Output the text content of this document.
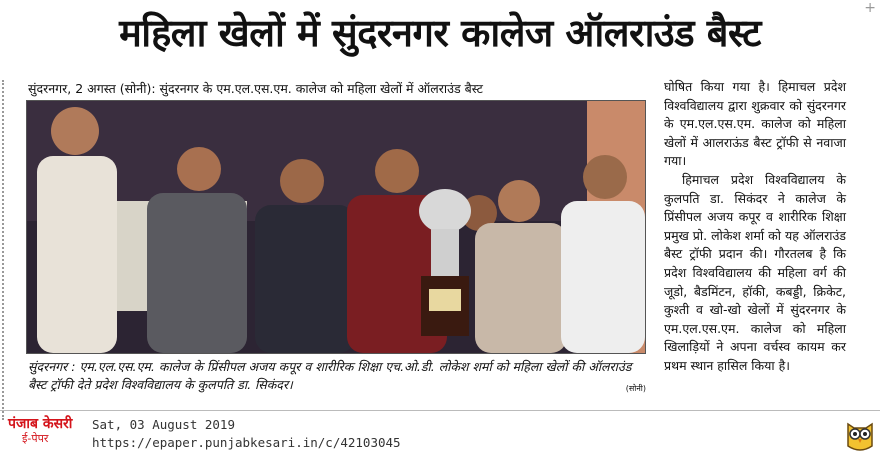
+
महिला खेलों में सुंदरनगर कालेज ऑलराउंड बैस्ट
सुंदरनगर, 2 अगस्त (सोनी): सुंदरनगर के एम.एल.एस.एम. कालेज को महिला खेलों में ऑलराउंड बैस्ट
सुंदरनगर : एम.एल.एस.एम. कालेज के प्रिंसीपल अजय कपूर व शारीरिक शिक्षा एच.ओ.डी. लोकेश शर्मा को महिला खेलों की ऑलराउंड बैस्ट ट्रॉफी देते प्रदेश विश्वविद्यालय के कुलपति डा. सिकंदर।	(सोनी)

घोषित किया गया है। हिमाचल प्रदेश विश्वविद्यालय द्वारा शुक्रवार को सुंदरनगर के एम.एल.एस.एम. कालेज को महिला खेलों में आलराऊंड बैस्ट ट्रॉफी से नवाजा गया।

हिमाचल प्रदेश विश्वविद्यालय के कुलपति डा. सिकंदर ने कालेज के प्रिंसीपल अजय कपूर व शारीरिक शिक्षा प्रमुख प्रो. लोकेश शर्मा को यह ऑलराउंड बैस्ट ट्रॉफी प्रदान की। गौरतलब है कि प्रदेश विश्वविद्यालय की महिला वर्ग की जूडो, बैडमिंटन, हॉकी, कबड्डी, क्रिकेट, कुश्ती व खो-खो खेलों में सुंदरनगर के एम.एल.एस.एम. कालेज को महिला खिलाड़ियों ने अपना वर्चस्व कायम कर प्रथम स्थान हासिल किया है।

पंजाब केसरी
ई-पेपर
Sat, 03 August 2019
https://epaper.punjabkesari.in/c/42103045
